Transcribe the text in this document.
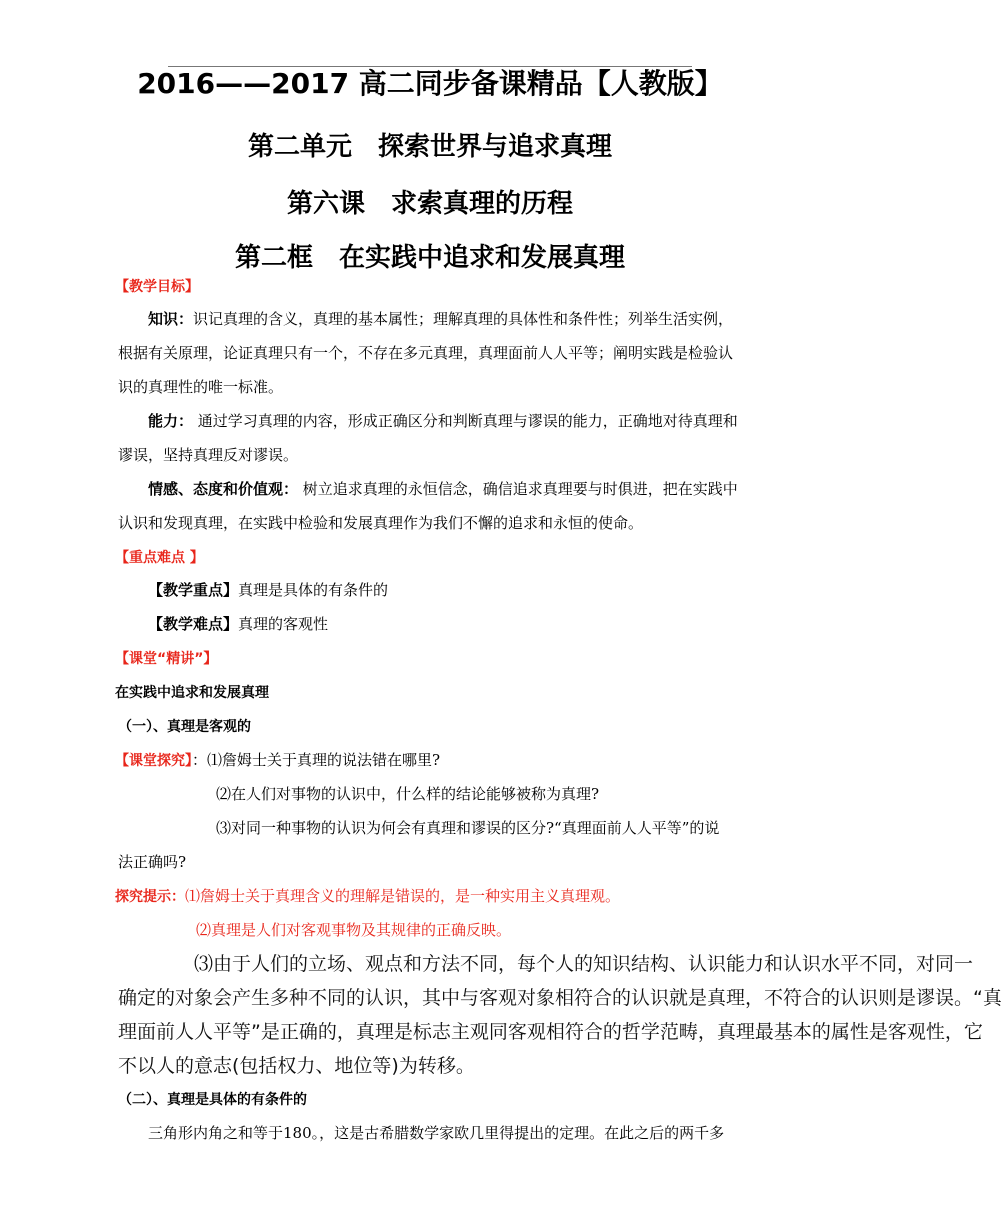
2016——2017 高二同步备课精品【人教版】
第二单元　探索世界与追求真理
第六课　求索真理的历程
第二框　在实践中追求和发展真理
【教学目标】
知识：识记真理的含义，真理的基本属性；理解真理的具体性和条件性；列举生活实例，
根据有关原理，论证真理只有一个，不存在多元真理，真理面前人人平等；阐明实践是检验认
识的真理性的唯一标准。
能力： 通过学习真理的内容，形成正确区分和判断真理与谬误的能力，正确地对待真理和
谬误，坚持真理反对谬误。
情感、态度和价值观： 树立追求真理的永恒信念，确信追求真理要与时俱进，把在实践中
认识和发现真理，在实践中检验和发展真理作为我们不懈的追求和永恒的使命。
【重点难点 】
【教学重点】真理是具体的有条件的
【教学难点】真理的客观性
【课堂“精讲”】
在实践中追求和发展真理
（一）、真理是客观的
【课堂探究】：⑴詹姆士关于真理的说法错在哪里?
⑵在人们对事物的认识中，什么样的结论能够被称为真理?
⑶对同一种事物的认识为何会有真理和谬误的区分?“真理面前人人平等”的说
法正确吗?
探究提示：⑴詹姆士关于真理含义的理解是错误的，是一种实用主义真理观。
⑵真理是人们对客观事物及其规律的正确反映。
⑶由于人们的立场、观点和方法不同，每个人的知识结构、认识能力和认识水平不同，对同一
确定的对象会产生多种不同的认识，其中与客观对象相符合的认识就是真理，不符合的认识则是谬误。“真
理面前人人平等”是正确的，真理是标志主观同客观相符合的哲学范畴，真理最基本的属性是客观性，它
不以人的意志(包括权力、地位等)为转移。
（二）、真理是具体的有条件的
三角形内角之和等于180。，这是古希腊数学家欧几里得提出的定理。在此之后的两千多
